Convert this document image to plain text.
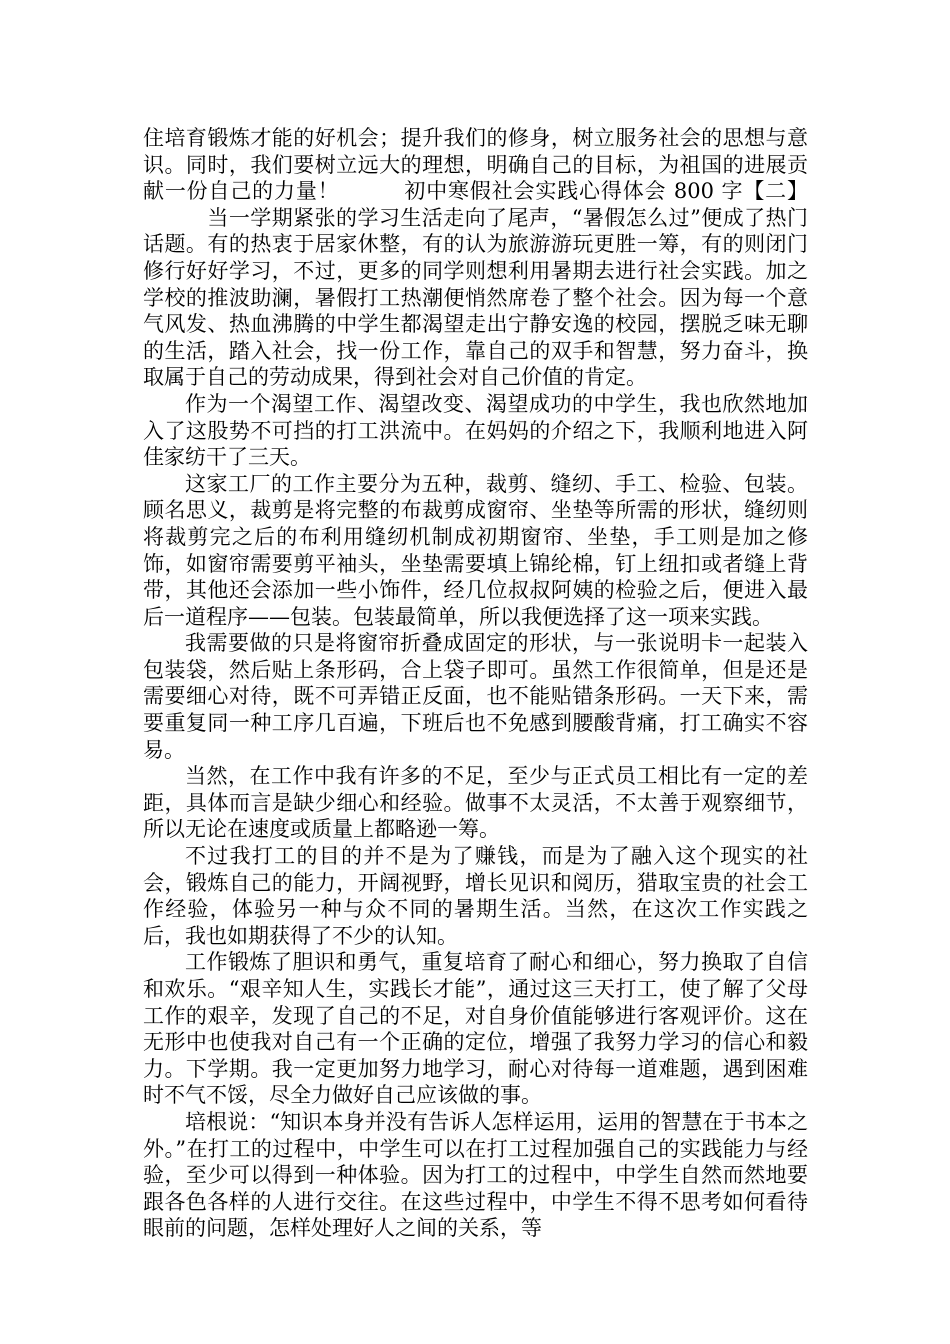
住培育锻炼才能的好机会；提升我们的修身，树立服务社会的思想与意识。同时，我们要树立远大的理想，明确自己的目标，为祖国的进展贡献一份自己的力量！	初中寒假社会实践心得体会 800 字【二】当一学期紧张的学习生活走向了尾声，“暑假怎么过”便成了热门话题。有的热衷于居家休整，有的认为旅游游玩更胜一筹，有的则闭门修行好好学习，不过，更多的同学则想利用暑期去进行社会实践。加之学校的推波助澜，暑假打工热潮便悄然席卷了整个社会。因为每一个意气风发、热血沸腾的中学生都渴望走出宁静安逸的校园，摆脱乏味无聊的生活，踏入社会，找一份工作，靠自己的双手和智慧，努力奋斗，换取属于自己的劳动成果，得到社会对自己价值的肯定。

作为一个渴望工作、渴望改变、渴望成功的中学生，我也欣然地加入了这股势不可挡的打工洪流中。在妈妈的介绍之下，我顺利地进入阿佳家纺干了三天。

这家工厂的工作主要分为五种，裁剪、缝纫、手工、检验、包装。顾名思义，裁剪是将完整的布裁剪成窗帘、坐垫等所需的形状，缝纫则将裁剪完之后的布利用缝纫机制成初期窗帘、坐垫，手工则是加之修饰，如窗帘需要剪平袖头，坐垫需要填上锦纶棉，钉上纽扣或者缝上背带，其他还会添加一些小饰件，经几位叔叔阿姨的检验之后，便进入最后一道程序——包装。包装最简单，所以我便选择了这一项来实践。

我需要做的只是将窗帘折叠成固定的形状，与一张说明卡一起装入包装袋，然后贴上条形码，合上袋子即可。虽然工作很简单，但是还是需要细心对待，既不可弄错正反面，也不能贴错条形码。一天下来，需要重复同一种工序几百遍，下班后也不免感到腰酸背痛，打工确实不容易。

当然，在工作中我有许多的不足，至少与正式员工相比有一定的差距，具体而言是缺少细心和经验。做事不太灵活，不太善于观察细节，所以无论在速度或质量上都略逊一筹。

不过我打工的目的并不是为了赚钱，而是为了融入这个现实的社会，锻炼自己的能力，开阔视野，增长见识和阅历，猎取宝贵的社会工作经验，体验另一种与众不同的暑期生活。当然，在这次工作实践之后，我也如期获得了不少的认知。

工作锻炼了胆识和勇气，重复培育了耐心和细心，努力换取了自信和欢乐。“艰辛知人生，实践长才能”，通过这三天打工，使了解了父母工作的艰辛，发现了自己的不足，对自身价值能够进行客观评价。这在无形中也使我对自己有一个正确的定位，增强了我努力学习的信心和毅力。下学期。我一定更加努力地学习，耐心对待每一道难题，遇到困难时不气不馁，尽全力做好自己应该做的事。

培根说：“知识本身并没有告诉人怎样运用，运用的智慧在于书本之外。”在打工的过程中，中学生可以在打工过程加强自己的实践能力与经验，至少可以得到一种体验。因为打工的过程中，中学生自然而然地要跟各色各样的人进行交往。在这些过程中，中学生不得不思考如何看待眼前的问题，怎样处理好人之间的关系，等
